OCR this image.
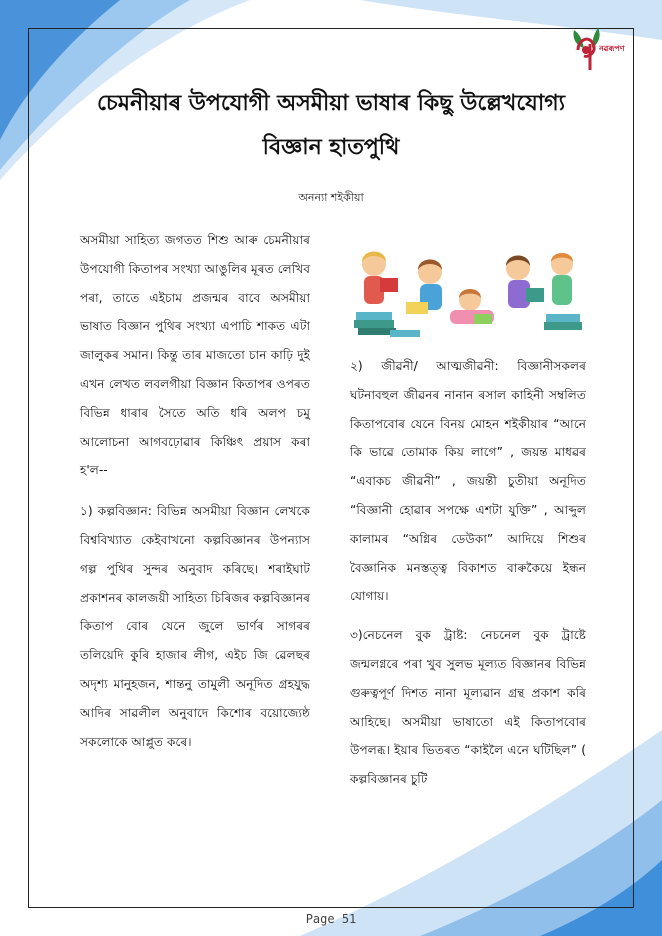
নৱৰূপণ
চেমনীয়াৰ উপযোগী অসমীয়া ভাষাৰ কিছু উল্লেখযোগ্য
বিজ্ঞান হাতপুথি
অনন্যা শইকীয়া

অসমীয়া সাহিত্য জগতত শিশু আৰু চেমনীয়াৰ উপযোগী কিতাপৰ সংখ্যা আঙুলিৰ মূৰত লেখিব পৰা, তাতে এইচাম প্ৰজন্মৰ বাবে অসমীয়া ভাষাত বিজ্ঞান পুথিৰ সংখ্যা এপাচি শাকত এটা জালুকৰ সমান। কিন্তু তাৰ মাজতো চান কাঢ়ি দুই এখন লেখত লবলগীয়া বিজ্ঞান কিতাপৰ ওপৰত বিভিন্ন ধাৰাৰ সৈতে অতি ধৰি অলপ চমু আলোচনা আগবঢ়োৱাৰ কিঞ্চিৎ প্ৰয়াস কৰা হ'ল--

১) কল্পবিজ্ঞান: বিভিন্ন অসমীয়া বিজ্ঞান লেখকে বিশ্ববিখ্যাত কেইবাখনো কল্পবিজ্ঞানৰ উপন্যাস গল্প পুথিৰ সুন্দৰ অনুবাদ কৰিছে। শৰাইঘাট প্ৰকাশনৰ কালজয়ী সাহিত্য চিৰিজৰ কল্পবিজ্ঞানৰ কিতাপ বোৰ যেনে জুলে ভাৰ্ণৰ সাগৰৰ তলিয়েদি কুৰি হাজাৰ লীগ, এইচ জি ৱেলছৰ অদৃশ্য মানুহজন, শান্তনু তামুলী অনূদিত গ্ৰহযুদ্ধ আদিৰ সাৱলীল অনুবাদে কিশোৰ বয়োজ্যেষ্ঠ সকলোকে আপ্লুত কৰে।

২) জীৱনী/ আত্মজীৱনী: বিজ্ঞানীসকলৰ ঘটনাবহুল জীৱনৰ নানান ৰসাল কাহিনী সম্বলিত কিতাপবোৰ যেনে বিনয় মোহন শইকীয়াৰ “আনে কি ভাৱে তোমাক কিয় লাগে” , জয়ন্ত মাধৱৰ “এবাকচ জীৱনী” , জয়ন্তী চুতীয়া অনূদিত “বিজ্ঞানী হোৱাৰ সপক্ষে এশটা যুক্তি” , আব্দুল কালামৰ “অগ্নিৰ ডেউকা” আদিয়ে শিশুৰ বৈজ্ঞানিক মনস্তত্ত্ব বিকাশত বাৰুকৈয়ে ইন্ধন যোগায়।

৩)নেচনেল বুক ট্ৰাষ্ট: নেচনেল বুক ট্ৰাষ্টে জন্মলগ্নৰে পৰা খুব সুলভ মূল্যত বিজ্ঞানৰ বিভিন্ন গুৰুত্বপূৰ্ণ দিশত নানা মূল্যৱান গ্ৰন্থ প্ৰকাশ কৰি আহিছে। অসমীয়া ভাষাতো এই কিতাপবোৰ উপলব্ধ। ইয়াৰ ভিতৰত “কাইলৈ এনে ঘটিছিল” ( কল্পবিজ্ঞানৰ চুটি

Page 51
